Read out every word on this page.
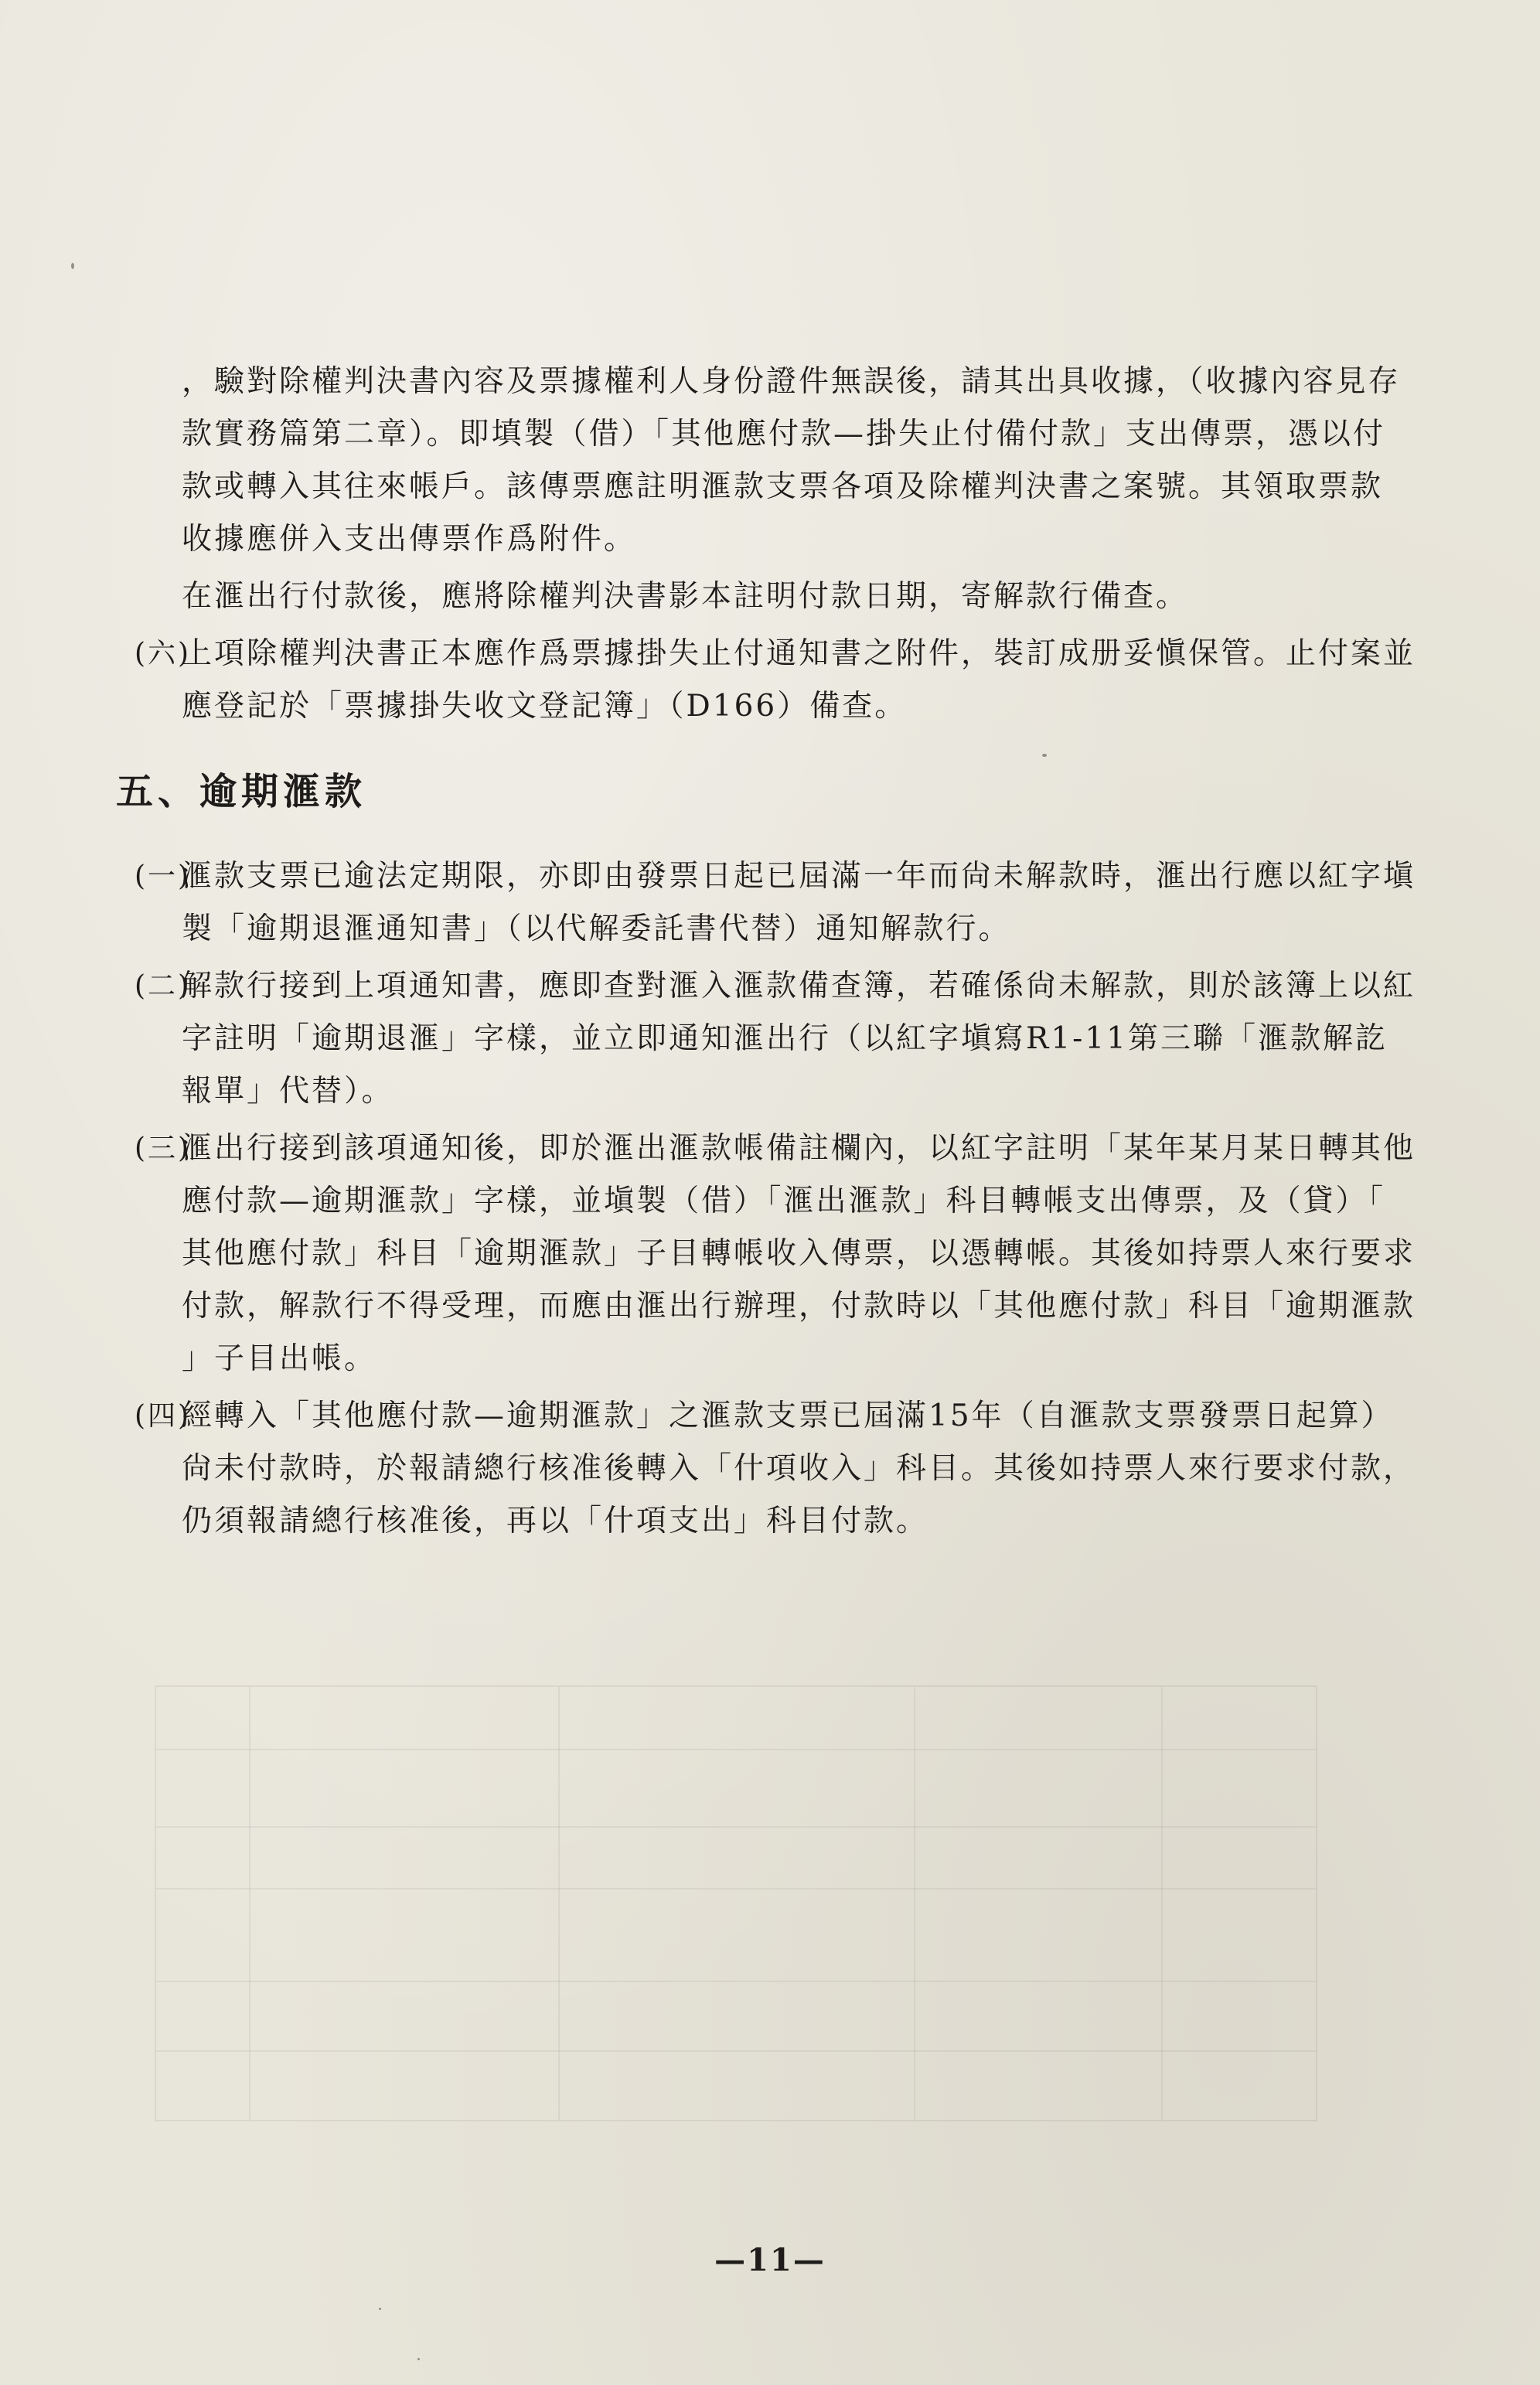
，驗對除權判決書內容及票據權利人身份證件無誤後，請其出具收據，（收據內容見存
款實務篇第二章）。即填製（借）「其他應付款—掛失止付備付款」支出傳票，憑以付
款或轉入其往來帳戶。該傳票應註明滙款支票各項及除權判決書之案號。其領取票款
收據應併入支出傳票作爲附件。
在滙出行付款後，應將除權判決書影本註明付款日期，寄解款行備查。
(六)
上項除權判決書正本應作爲票據掛失止付通知書之附件，裝訂成册妥愼保管。止付案並
應登記於「票據掛失收文登記簿」（D166）備查。
五、逾期滙款
(一)
滙款支票已逾法定期限，亦即由發票日起已屆滿一年而尙未解款時，滙出行應以紅字塡
製「逾期退滙通知書」（以代解委託書代替）通知解款行。
(二)
解款行接到上項通知書，應即查對滙入滙款備查簿，若確係尙未解款，則於該簿上以紅
字註明「逾期退滙」字樣，並立即通知滙出行（以紅字塡寫R1-11第三聯「滙款解訖
報單」代替）。
(三)
滙出行接到該項通知後，即於滙出滙款帳備註欄內，以紅字註明「某年某月某日轉其他
應付款—逾期滙款」字樣，並塡製（借）「滙出滙款」科目轉帳支出傳票，及（貸）「
其他應付款」科目「逾期滙款」子目轉帳收入傳票，以憑轉帳。其後如持票人來行要求
付款，解款行不得受理，而應由滙出行辦理，付款時以「其他應付款」科目「逾期滙款
」子目出帳。
(四)
經轉入「其他應付款—逾期滙款」之滙款支票已屆滿15年（自滙款支票發票日起算）
尙未付款時，於報請總行核准後轉入「什項收入」科目。其後如持票人來行要求付款，
仍須報請總行核准後，再以「什項支出」科目付款。
—11—
